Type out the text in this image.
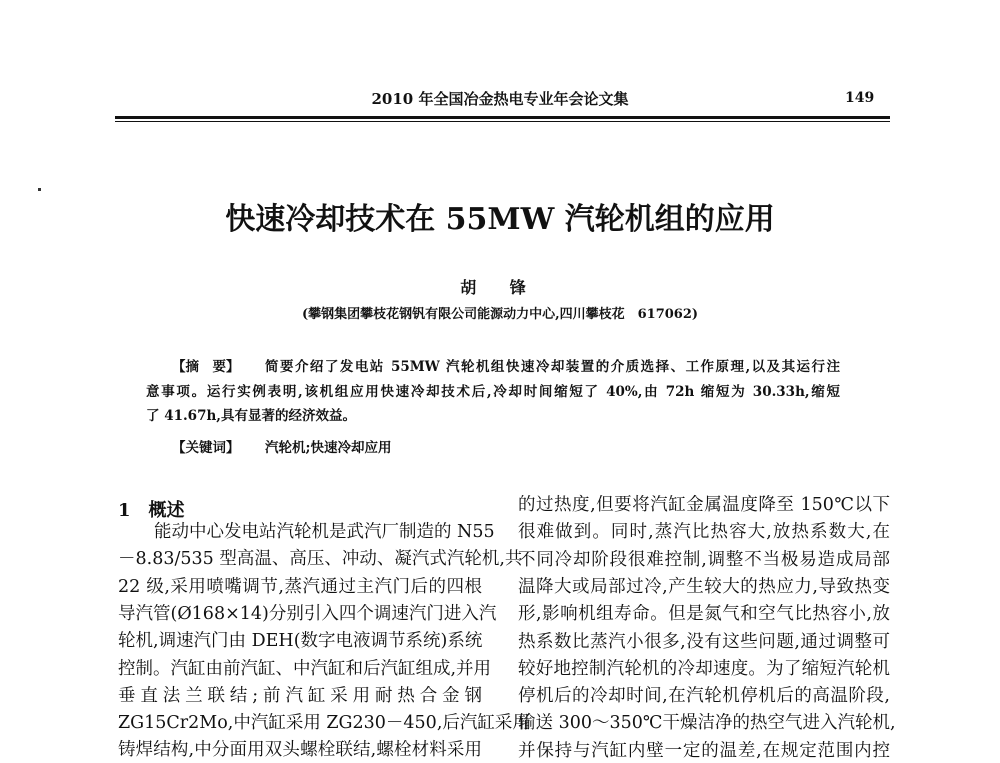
2010 年全国冶金热电专业年会论文集	149
快速冷却技术在 55MW 汽轮机组的应用
胡 锋
(攀钢集团攀枝花钢钒有限公司能源动力中心,四川攀枝花　617062)
【摘　要】 简要介绍了发电站 55MW 汽轮机组快速冷却装置的介质选择、工作原理,以及其运行注
意事项。运行实例表明,该机组应用快速冷却技术后,冷却时间缩短了 40%,由 72h 缩短为 30.33h,缩短
了 41.67h,具有显著的经济效益。
【关键词】 汽轮机;快速冷却应用
1　概述
能动中心发电站汽轮机是武汽厂制造的 N55
－8.83/535 型高温、高压、冲动、凝汽式汽轮机,共
22 级,采用喷嘴调节,蒸汽通过主汽门后的四根
导汽管(Ø168×14)分别引入四个调速汽门进入汽
轮机,调速汽门由 DEH(数字电液调节系统)系统
控制。汽缸由前汽缸、中汽缸和后汽缸组成,并用
垂直法兰联结;前汽缸采用耐热合金钢
ZG15Cr2Mo,中汽缸采用 ZG230－450,后汽缸采用
铸焊结构,中分面用双头螺栓联结,螺栓材料采用
的过热度,但要将汽缸金属温度降至 150℃以下
很难做到。同时,蒸汽比热容大,放热系数大,在
不同冷却阶段很难控制,调整不当极易造成局部
温降大或局部过冷,产生较大的热应力,导致热变
形,影响机组寿命。但是氮气和空气比热容小,放
热系数比蒸汽小很多,没有这些问题,通过调整可
较好地控制汽轮机的冷却速度。为了缩短汽轮机
停机后的冷却时间,在汽轮机停机后的高温阶段,
输送 300～350℃干燥洁净的热空气进入汽轮机,
并保持与汽缸内壁一定的温差,在规定范围内控
